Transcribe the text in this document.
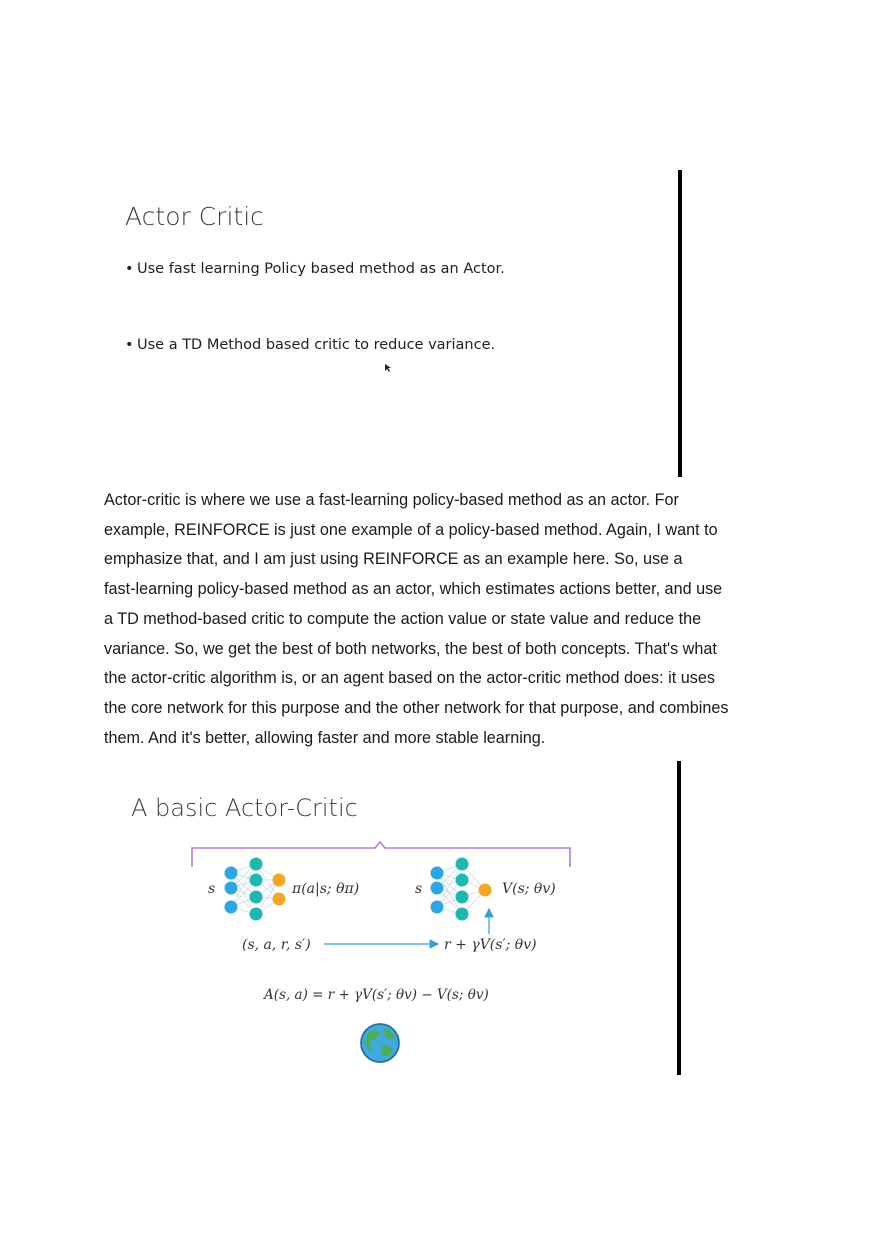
Actor Critic
• Use fast learning Policy based method as an Actor.
• Use a TD Method based critic to reduce variance.
Actor-critic is where we use a fast-learning policy-based method as an actor. For
example, REINFORCE is just one example of a policy-based method. Again, I want to
emphasize that, and I am just using REINFORCE as an example here. So, use a
fast-learning policy-based method as an actor, which estimates actions better, and use
a TD method-based critic to compute the action value or state value and reduce the
variance. So, we get the best of both networks, the best of both concepts. That's what
the actor-critic algorithm is, or an agent based on the actor-critic method does: it uses
the core network for this purpose and the other network for that purpose, and combines
them. And it's better, allowing faster and more stable learning.
A basic Actor-Critic
s	π(a|s; θπ)	s	V(s; θv)
(s, a, r, s′)	r + γV(s′; θv)
A(s, a) = r + γV(s′; θv) − V(s; θv)
